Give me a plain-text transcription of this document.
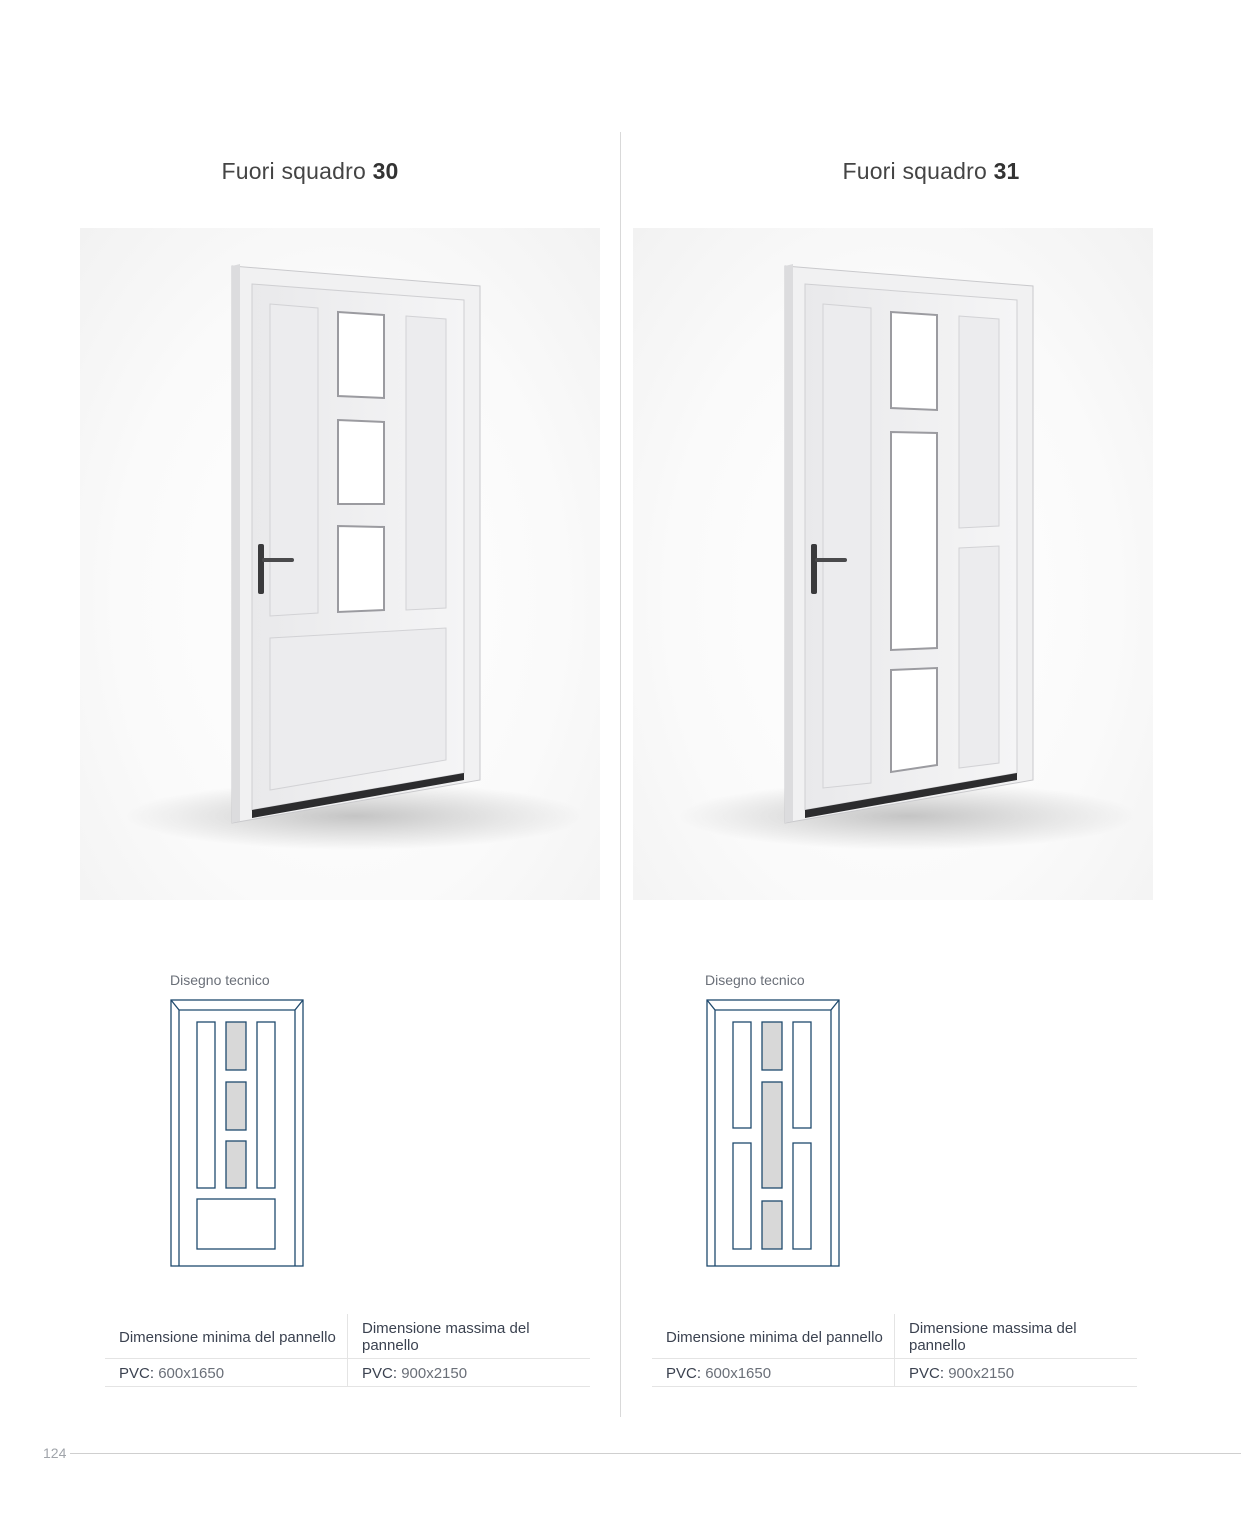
Fuori squadro 30
Disegno tecnico
Dimensione minima del pannello	Dimensione massima del pannello
PVC: 600x1650	PVC: 900x2150
Fuori squadro 31
Disegno tecnico
Dimensione minima del pannello	Dimensione massima del pannello
PVC: 600x1650	PVC: 900x2150
124
